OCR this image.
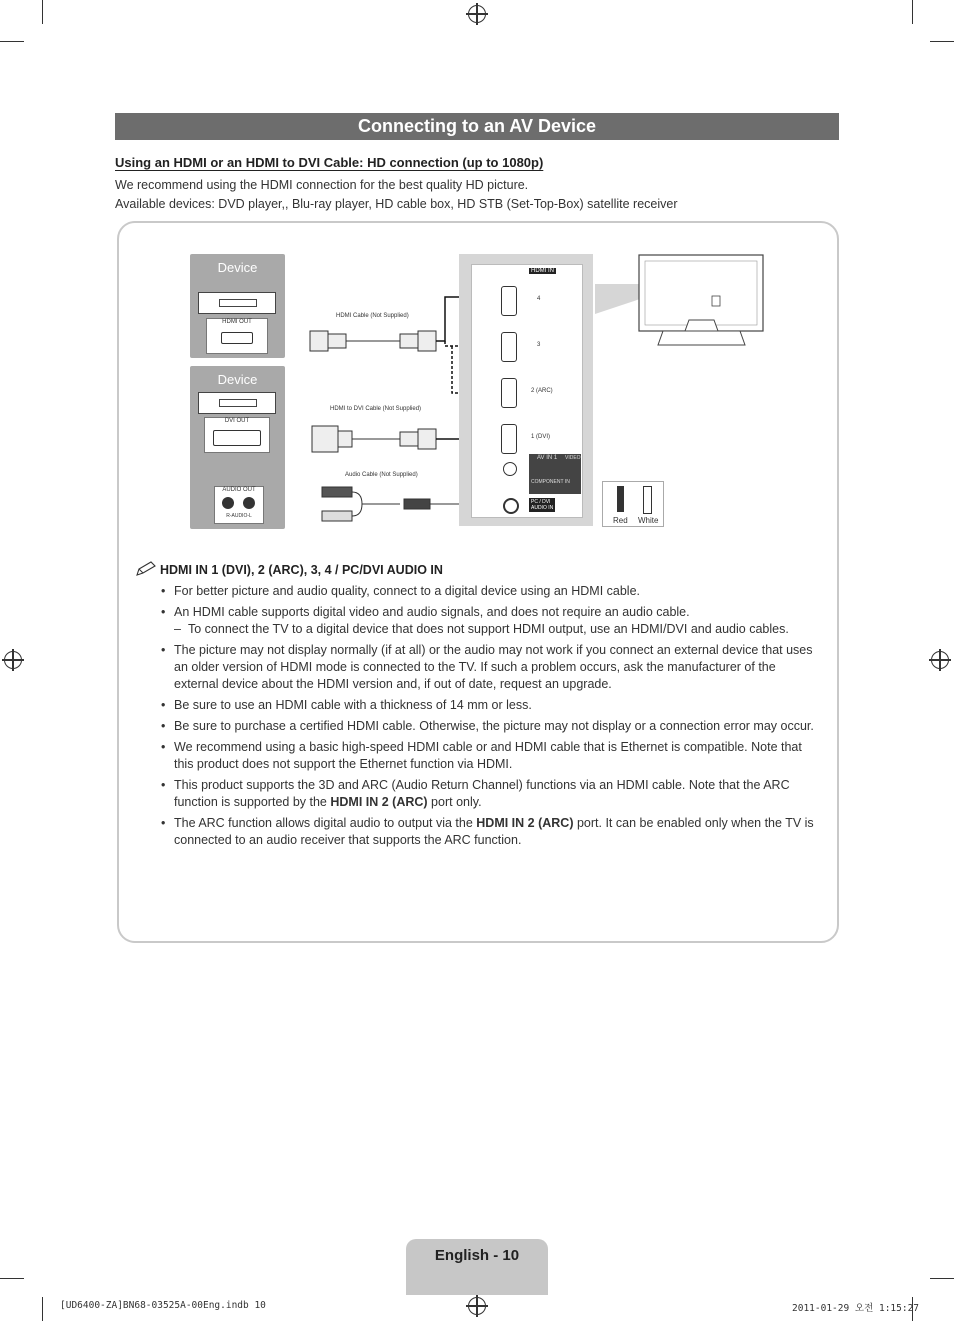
Connecting to an AV Device
Using an HDMI or an HDMI to DVI Cable: HD connection (up to 1080p)
We recommend using the HDMI connection for the best quality HD picture.
Available devices: DVD player,, Blu-ray player, HD cable box, HD STB (Set-Top-Box) satellite receiver
Device
HDMI OUT
Device
DVI OUT
AUDIO OUT
R-AUDIO-L
HDMI Cable (Not Supplied)
HDMI to DVI Cable (Not Supplied)
Audio Cable (Not Supplied)
HDMI IN
4
3
2 (ARC)
1 (DVI)
AV IN 1 VIDEO
COMPONENT IN
PC / DVI
AUDIO IN
Red White
HDMI IN 1 (DVI), 2 (ARC), 3, 4 / PC/DVI AUDIO IN
• For better picture and audio quality, connect to a digital device using an HDMI cable.
• An HDMI cable supports digital video and audio signals, and does not require an audio cable.
– To connect the TV to a digital device that does not support HDMI output, use an HDMI/DVI and audio cables.
• The picture may not display normally (if at all) or the audio may not work if you connect an external device that uses an older version of HDMI mode is connected to the TV. If such a problem occurs, ask the manufacturer of the external device about the HDMI version and, if out of date, request an upgrade.
• Be sure to use an HDMI cable with a thickness of 14 mm or less.
• Be sure to purchase a certified HDMI cable. Otherwise, the picture may not display or a connection error may occur.
• We recommend using a basic high-speed HDMI cable or and HDMI cable that is Ethernet is compatible. Note that this product does not support the Ethernet function via HDMI.
• This product supports the 3D and ARC (Audio Return Channel) functions via an HDMI cable. Note that the ARC function is supported by the HDMI IN 2 (ARC) port only.
• The ARC function allows digital audio to output via the HDMI IN 2 (ARC) port. It can be enabled only when the TV is connected to an audio receiver that supports the ARC function.
English - 10
[UD6400-ZA]BN68-03525A-00Eng.indb 10	2011-01-29 오전 1:15:27
